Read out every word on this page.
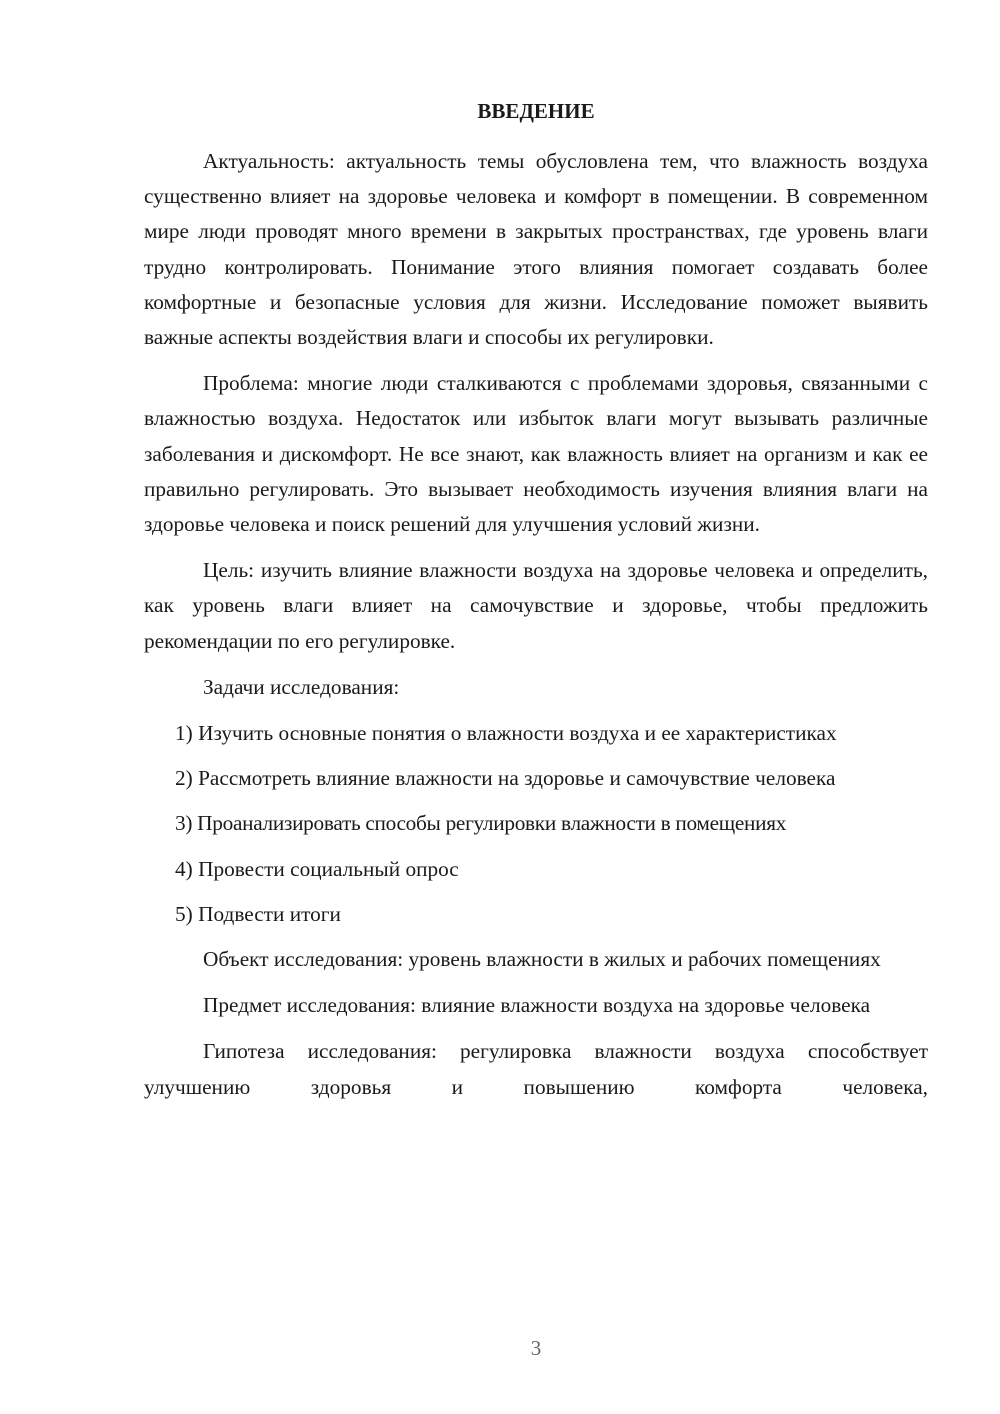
ВВЕДЕНИЕ

Актуальность: актуальность темы обусловлена тем, что влажность воздуха существенно влияет на здоровье человека и комфорт в помещении. В современном мире люди проводят много времени в закрытых пространствах, где уровень влаги трудно контролировать. Понимание этого влияния помогает создавать более комфортные и безопасные условия для жизни. Исследование поможет выявить важные аспекты воздействия влаги и способы их регулировки.

Проблема: многие люди сталкиваются с проблемами здоровья, связанными с влажностью воздуха. Недостаток или избыток влаги могут вызывать различные заболевания и дискомфорт. Не все знают, как влажность влияет на организм и как ее правильно регулировать. Это вызывает необходимость изучения влияния влаги на здоровье человека и поиск решений для улучшения условий жизни.

Цель: изучить влияние влажности воздуха на здоровье человека и определить, как уровень влаги влияет на самочувствие и здоровье, чтобы предложить рекомендации по его регулировке.

Задачи исследования:

1) Изучить основные понятия о влажности воздуха и ее характеристиках

2) Рассмотреть влияние влажности на здоровье и самочувствие человека

3) Проанализировать способы регулировки влажности в помещениях

4) Провести социальный опрос

5) Подвести итоги

Объект исследования: уровень влажности в жилых и рабочих помещениях

Предмет исследования: влияние влажности воздуха на здоровье человека

Гипотеза исследования: регулировка влажности воздуха способствует улучшению здоровья и повышению комфорта человека,

3
